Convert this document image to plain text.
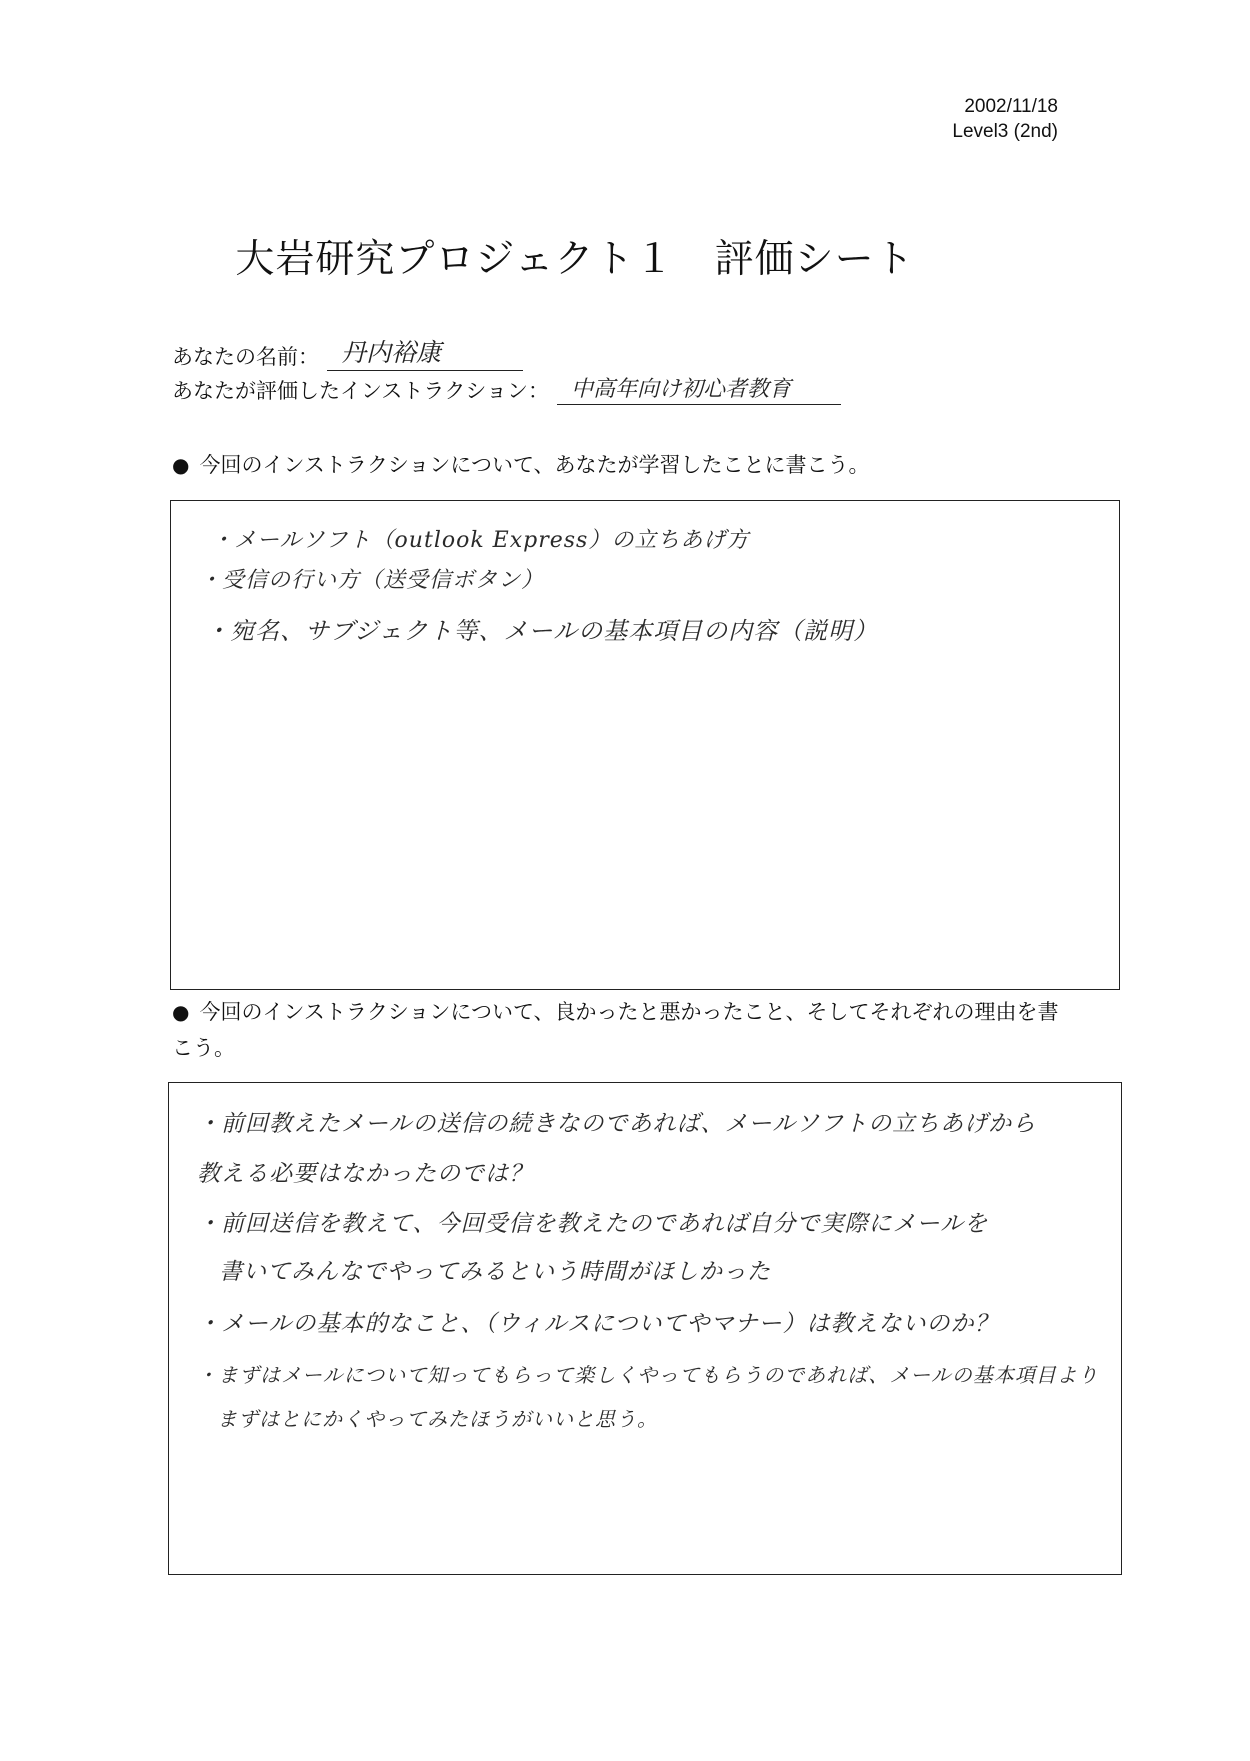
2002/11/18
Level3 (2nd)
大岩研究プロジェクト１　評価シート
あなたの名前： 丹内裕康
あなたが評価したインストラクション：	中高年向け初心者教育
● 今回のインストラクションについて、あなたが学習したことに書こう。
・メールソフト（outlook Express）の立ちあげ方
・受信の行い方（送受信ボタン）
・宛名、サブジェクト等、メールの基本項目の内容（説明）
● 今回のインストラクションについて、良かったと悪かったこと、そしてそれぞれの理由を書こう。
・前回教えたメールの送信の続きなのであれば、メールソフトの立ちあげから
教える必要はなかったのでは？
・前回送信を教えて、今回受信を教えたのであれば自分で実際にメールを
書いてみんなでやってみるという時間がほしかった
・メールの基本的なこと、（ウィルスについてやマナー）は教えないのか？
・まずはメールについて知ってもらって楽しくやってもらうのであれば、メールの基本項目より
まずはとにかくやってみたほうがいいと思う。
